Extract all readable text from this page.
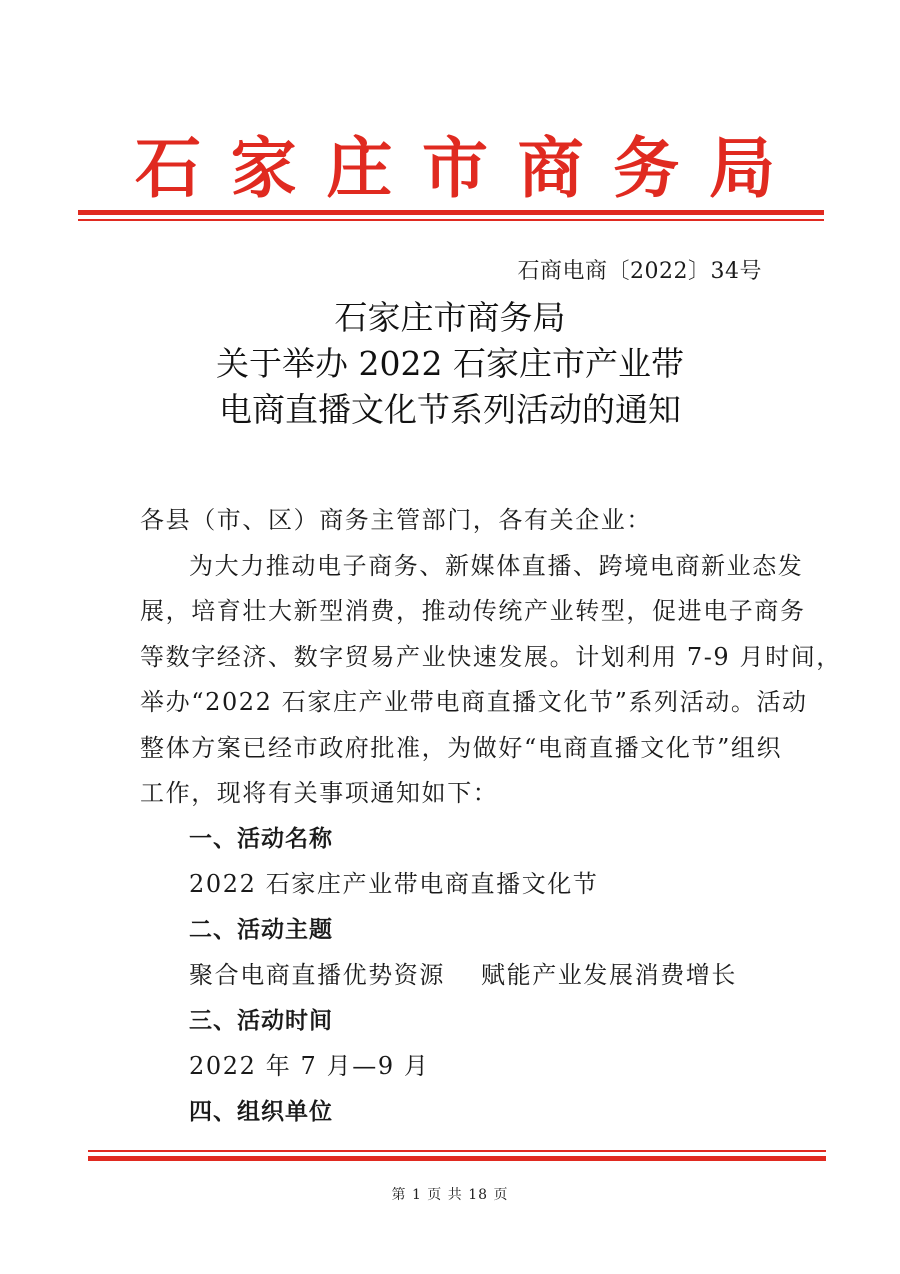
石 家 庄 市 商 务 局
石商电商〔2022〕34号
石家庄市商务局
关于举办 2022 石家庄市产业带
电商直播文化节系列活动的通知

各县（市、区）商务主管部门，各有关企业：

为大力推动电子商务、新媒体直播、跨境电商新业态发

展，培育壮大新型消费，推动传统产业转型，促进电子商务

等数字经济、数字贸易产业快速发展。计划利用 7-9 月时间，

举办“2022 石家庄产业带电商直播文化节”系列活动。活动

整体方案已经市政府批准，为做好“电商直播文化节”组织

工作，现将有关事项通知如下：

一、活动名称

2022 石家庄产业带电商直播文化节

二、活动主题

聚合电商直播优势资源 赋能产业发展消费增长

三、活动时间

2022 年 7 月—9 月

四、组织单位

第 1 页 共 18 页
